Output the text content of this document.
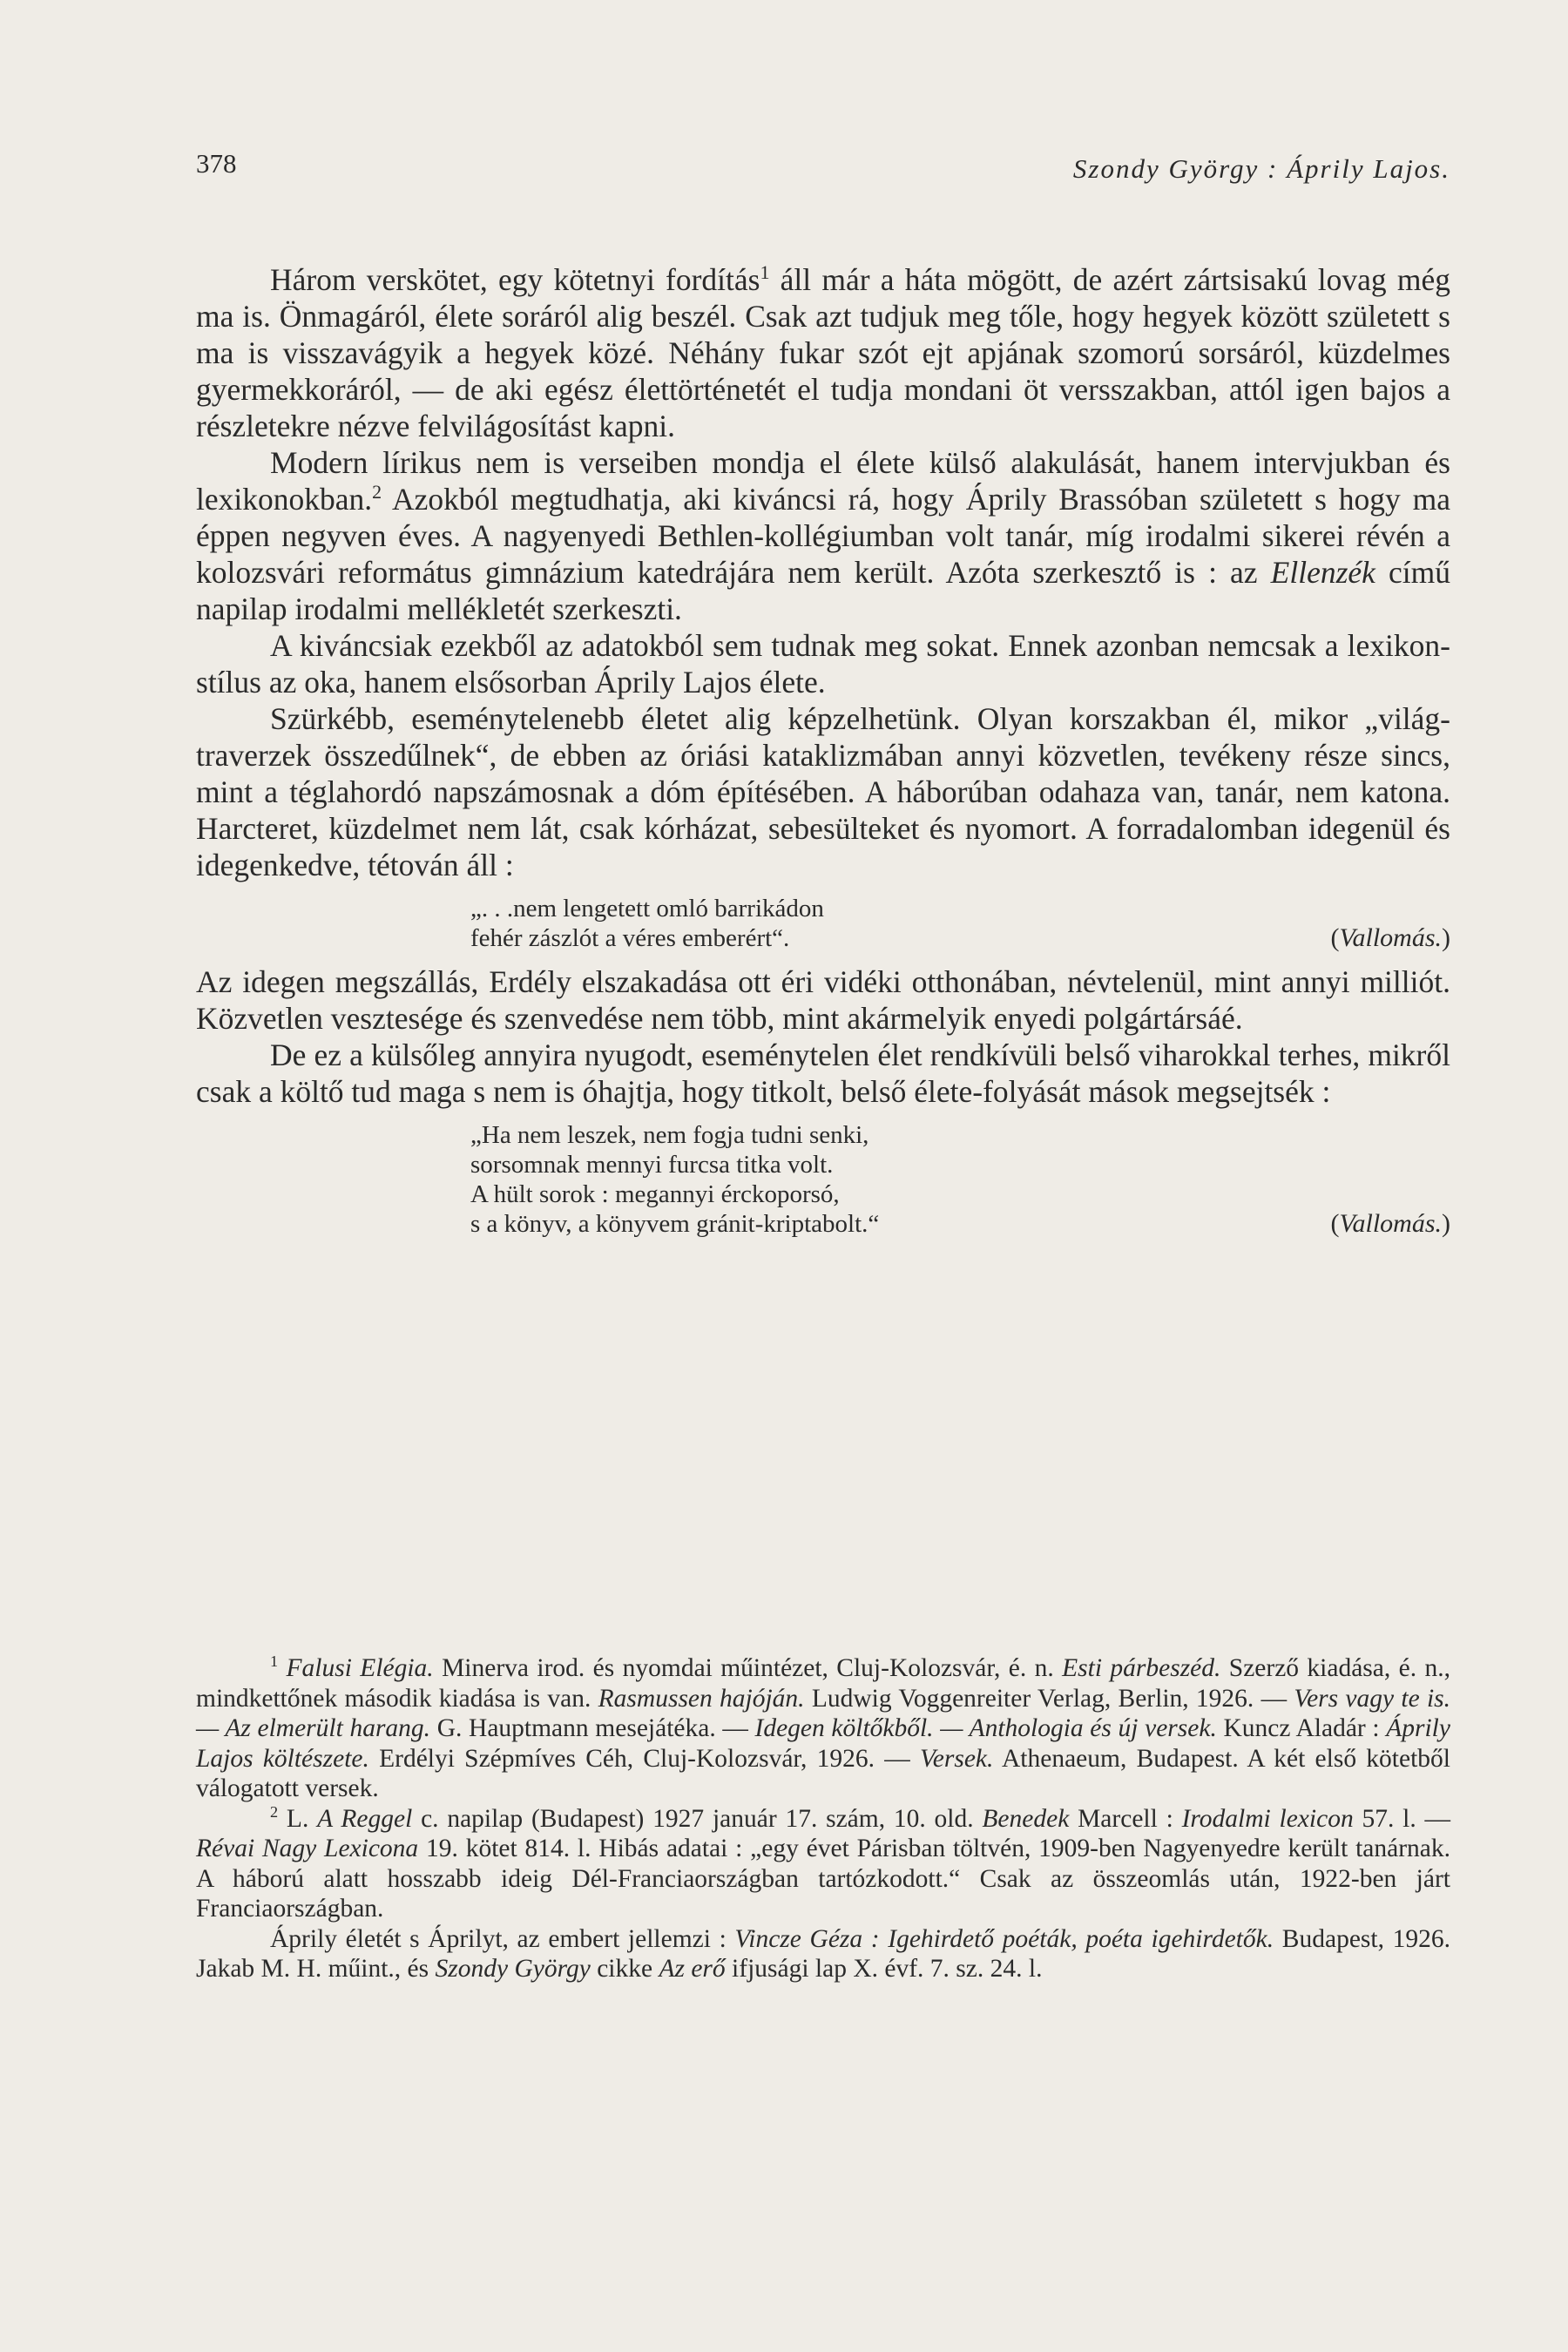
378	Szondy György : Áprily Lajos.

Három verskötet, egy kötetnyi fordítás$^1$ áll már a háta mögött, de azért zártsisakú lovag még ma is. Önmagáról, élete soráról alig beszél. Csak azt tudjuk meg tőle, hogy hegyek között született s ma is visszavágyik a hegyek közé. Néhány fukar szót ejt apjának szomorú sorsáról, küzdelmes gyermekkoráról, — de aki egész élettörténetét el tudja mondani öt versszakban, attól igen bajos a részletekre nézve felvilágosítást kapni.

Modern lírikus nem is verseiben mondja el élete külső alakulását, hanem intervjukban és lexikonokban.$^2$ Azokból megtudhatja, aki kiváncsi rá, hogy Áprily Brassóban született s hogy ma éppen negyven éves. A nagyenyedi Bethlen-kollégiumban volt tanár, míg irodalmi sikerei révén a kolozsvári református gimnázium katedrájára nem került. Azóta szerkesztő is : az Ellenzék című napilap irodalmi mellékletét szerkeszti.

A kiváncsiak ezekből az adatokból sem tudnak meg sokat. Ennek azonban nemcsak a lexikon-stílus az oka, hanem elsősorban Áprily Lajos élete.

Szürkébb, eseménytelenebb életet alig képzelhetünk. Olyan korszakban él, mikor „világ-traverzek összedűlnek“, de ebben az óriási kataklizmában annyi közvetlen, tevékeny része sincs, mint a téglahordó napszámosnak a dóm építésében. A háborúban odahaza van, tanár, nem katona. Harcteret, küzdelmet nem lát, csak kórházat, sebesülteket és nyomort. A forradalomban idegenül és idegenkedve, tétován áll :

„. . .nem lengetett omló barrikádon
fehér zászlót a véres emberért“.	(Vallomás.)

Az idegen megszállás, Erdély elszakadása ott éri vidéki otthonában, névtelenül, mint annyi milliót. Közvetlen vesztesége és szenvedése nem több, mint akármelyik enyedi polgártársáé.

De ez a külsőleg annyira nyugodt, eseménytelen élet rendkívüli belső viharokkal terhes, mikről csak a költő tud maga s nem is óhajtja, hogy titkolt, belső élete-folyását mások megsejtsék :

„Ha nem leszek, nem fogja tudni senki,
sorsomnak mennyi furcsa titka volt.
A hült sorok : megannyi érckoporsó,
s a könyv, a könyvem gránit-kriptabolt.“	(Vallomás.)

$^1$ Falusi Elégia. Minerva irod. és nyomdai műintézet, Cluj-Kolozsvár, é. n. Esti párbeszéd. Szerző kiadása, é. n., mindkettőnek második kiadása is van. Rasmussen hajóján. Ludwig Voggenreiter Verlag, Berlin, 1926. — Vers vagy te is. — Az elmerült harang. G. Hauptmann mesejátéka. — Idegen költőkből. — Anthologia és új versek. Kuncz Aladár : Áprily Lajos költészete. Erdélyi Szépmíves Céh, Cluj-Kolozsvár, 1926. — Versek. Athenaeum, Budapest. A két első kötetből válogatott versek.

$^2$ L. A Reggel c. napilap (Budapest) 1927 január 17. szám, 10. old. Benedek Marcell : Irodalmi lexicon 57. l. — Révai Nagy Lexicona 19. kötet 814. l. Hibás adatai : „egy évet Párisban töltvén, 1909-ben Nagyenyedre került tanárnak. A háború alatt hosszabb ideig Dél-Franciaországban tartózkodott.“ Csak az összeomlás után, 1922-ben járt Franciaországban.

Áprily életét s Áprilyt, az embert jellemzi : Vincze Géza : Igehirdető poéták, poéta igehirdetők. Budapest, 1926. Jakab M. H. műint., és Szondy György cikke Az erő ifjusági lap X. évf. 7. sz. 24. l.
